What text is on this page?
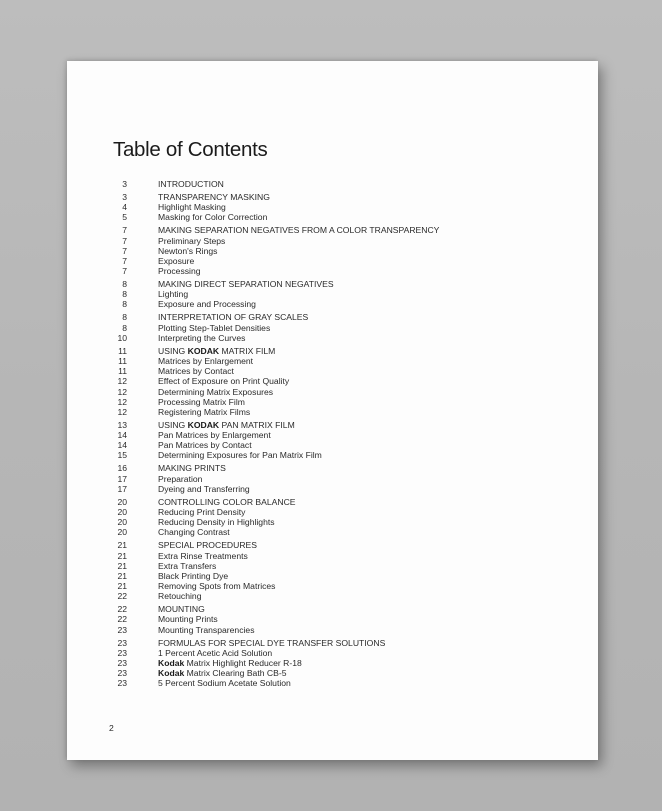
Table of Contents
3	INTRODUCTION
3	TRANSPARENCY MASKING
4	Highlight Masking
5	Masking for Color Correction
7	MAKING SEPARATION NEGATIVES FROM A COLOR TRANSPARENCY
7	Preliminary Steps
7	Newton's Rings
7	Exposure
7	Processing
8	MAKING DIRECT SEPARATION NEGATIVES
8	Lighting
8	Exposure and Processing
8	INTERPRETATION OF GRAY SCALES
8	Plotting Step-Tablet Densities
10	Interpreting the Curves
11	USING KODAK MATRIX FILM
11	Matrices by Enlargement
11	Matrices by Contact
12	Effect of Exposure on Print Quality
12	Determining Matrix Exposures
12	Processing Matrix Film
12	Registering Matrix Films
13	USING KODAK PAN MATRIX FILM
14	Pan Matrices by Enlargement
14	Pan Matrices by Contact
15	Determining Exposures for Pan Matrix Film
16	MAKING PRINTS
17	Preparation
17	Dyeing and Transferring
20	CONTROLLING COLOR BALANCE
20	Reducing Print Density
20	Reducing Density in Highlights
20	Changing Contrast
21	SPECIAL PROCEDURES
21	Extra Rinse Treatments
21	Extra Transfers
21	Black Printing Dye
21	Removing Spots from Matrices
22	Retouching
22	MOUNTING
22	Mounting Prints
23	Mounting Transparencies
23	FORMULAS FOR SPECIAL DYE TRANSFER SOLUTIONS
23	1 Percent Acetic Acid Solution
23	Kodak Matrix Highlight Reducer R-18
23	Kodak Matrix Clearing Bath CB-5
23	5 Percent Sodium Acetate Solution
2
